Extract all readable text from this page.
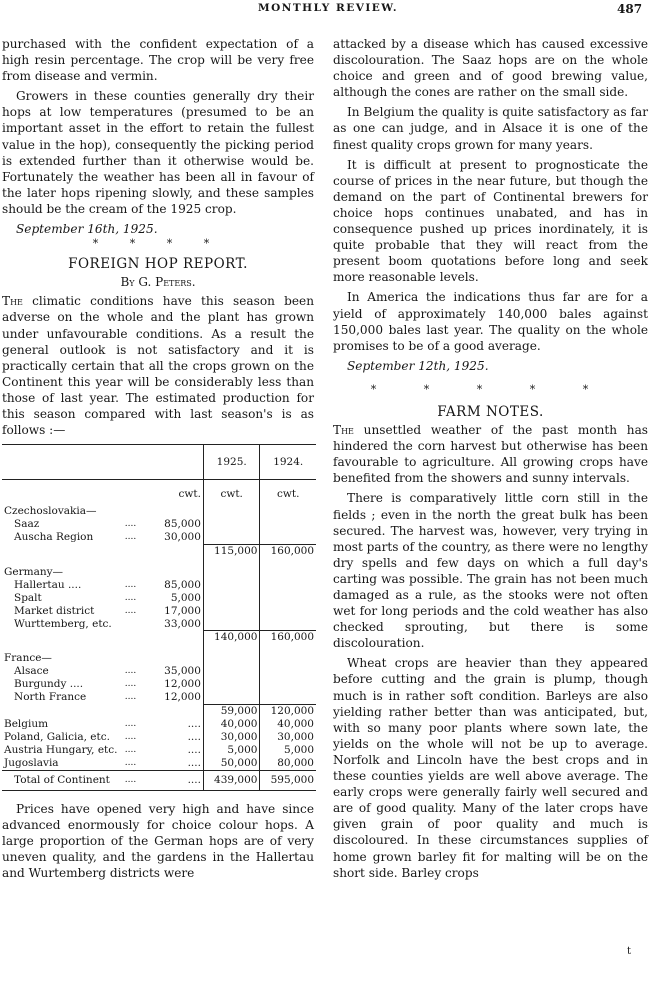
MONTHLY REVIEW.	487

purchased with the confident expectation of a high resin percentage. The crop will be very free from disease and vermin.

Growers in these counties generally dry their hops at low temperatures (presumed to be an important asset in the effort to retain the fullest value in the hop), consequently the picking period is extended further than it otherwise would be. Fortunately the weather has been all in favour of the later hops ripening slowly, and these samples should be the cream of the 1925 crop.

September 16th, 1925.
* * * *
FOREIGN HOP REPORT.
By G. Peters.

The climatic conditions have this season been adverse on the whole and the plant has grown under unfavourable conditions. As a result the general outlook is not satisfactory and it is practically certain that all the crops grown on the Continent this year will be considerably less than those of last year. The estimated production for this season compared with last season's is as follows :—

			1925.	1924.
		cwt.	cwt.	cwt.
Czechoslovakia—				
Saaz	....	85,000		
Auscha Region	....	30,000		
			115,000	160,000

Germany—				
Hallertau ....	....	85,000		
Spalt	....	5,000		
Market district	....	17,000		
Wurttemberg, etc.		33,000		
			140,000	160,000

France—				
Alsace	....	35,000		
Burgundy ....	....	12,000		
North France	....	12,000		
			59,000	120,000
Belgium	....	....	40,000	40,000
Poland, Galicia, etc.	....	....	30,000	30,000
Austria Hungary, etc.	....	....	5,000	5,000
Jugoslavia	....	....	50,000	80,000
Total of Continent	....	....	439,000	595,000

Prices have opened very high and have since advanced enormously for choice colour hops. A large proportion of the German hops are of very uneven quality, and the gardens in the Hallertau and Wurtemberg districts were

attacked by a disease which has caused excessive discolouration. The Saaz hops are on the whole choice and green and of good brewing value, although the cones are rather on the small side.

In Belgium the quality is quite satisfactory as far as one can judge, and in Alsace it is one of the finest quality crops grown for many years.

It is difficult at present to prognosticate the course of prices in the near future, but though the demand on the part of Continental brewers for choice hops continues unabated, and has in consequence pushed up prices inordinately, it is quite probable that they will react from the present boom quotations before long and seek more reasonable levels.

In America the indications thus far are for a yield of approximately 140,000 bales against 150,000 bales last year. The quality on the whole promises to be of a good average.

September 12th, 1925.
* * * * *
FARM NOTES.

The unsettled weather of the past month has hindered the corn harvest but otherwise has been favourable to agriculture. All growing crops have benefited from the showers and sunny intervals.

There is comparatively little corn still in the fields ; even in the north the great bulk has been secured. The harvest was, however, very trying in most parts of the country, as there were no lengthy dry spells and few days on which a full day's carting was possible. The grain has not been much damaged as a rule, as the stooks were not often wet for long periods and the cold weather has also checked sprouting, but there is some discolouration.

Wheat crops are heavier than they appeared before cutting and the grain is plump, though much is in rather soft condition. Barleys are also yielding rather better than was anticipated, but, with so many poor plants where sown late, the yields on the whole will not be up to average. Norfolk and Lincoln have the best crops and in these counties yields are well above average. The early crops were generally fairly well secured and are of good quality. Many of the later crops have given grain of poor quality and much is discoloured. In these circumstances supplies of home grown barley fit for malting will be on the short side. Barley crops

t
